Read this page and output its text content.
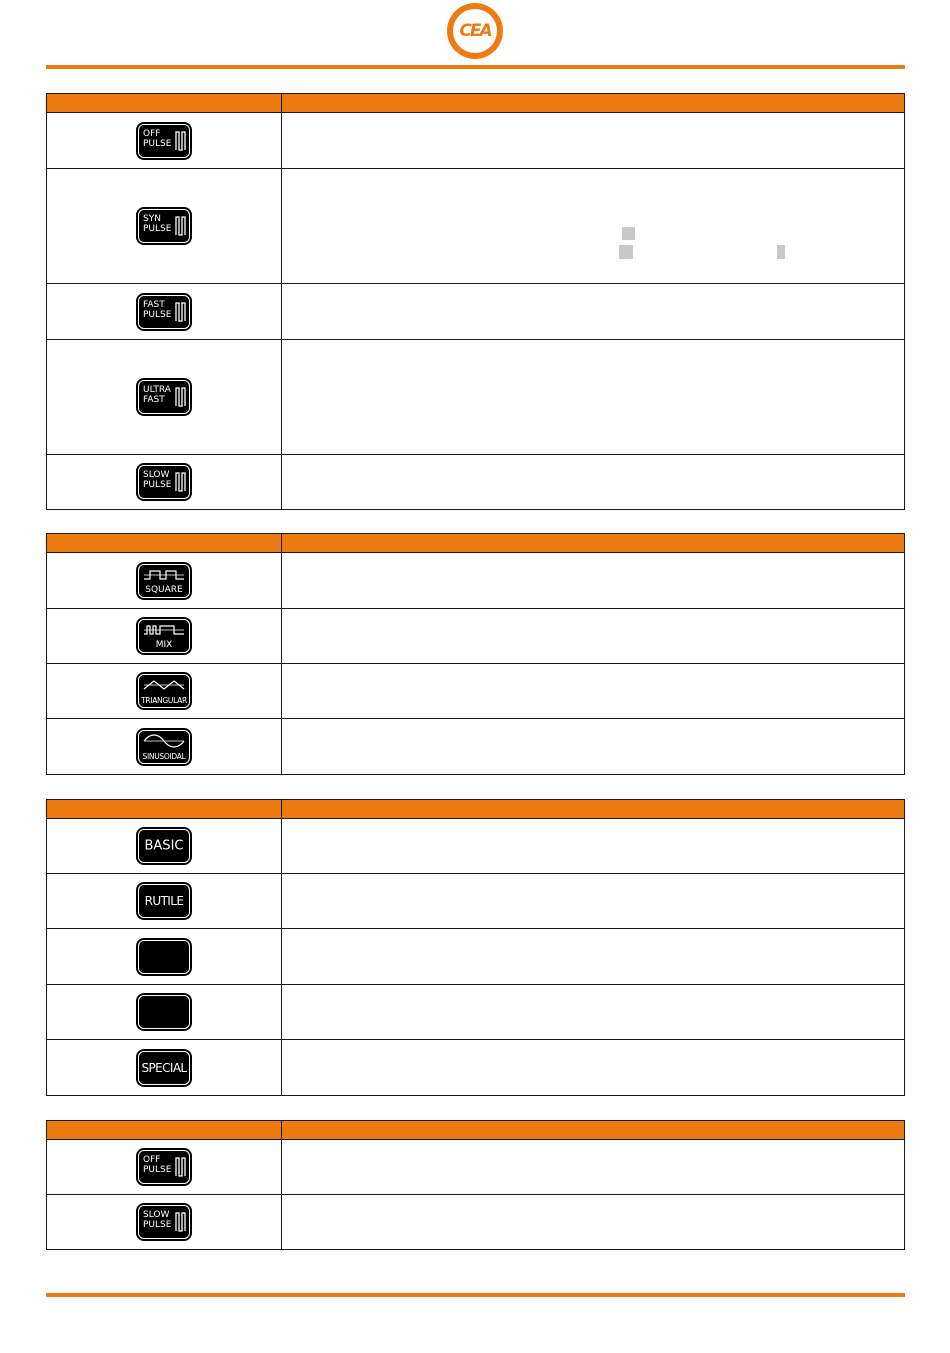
CEA

OFF
PULSE	

SYN
PULSE	

FAST
PULSE	

ULTRA
FAST	

SLOW
PULSE	

SQUARE	

MIX	

TRIANGULAR	

SINUSOIDAL	

BASIC	

RUTILE	

SPECIAL	

OFF
PULSE	

SLOW
PULSE	
